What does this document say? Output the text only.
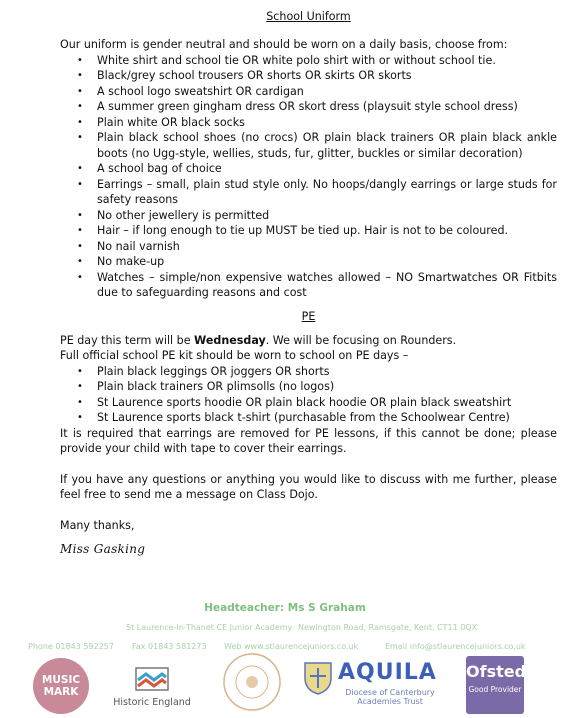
School Uniform
Our uniform is gender neutral and should be worn on a daily basis, choose from:
• White shirt and school tie OR white polo shirt with or without school tie.
• Black/grey school trousers OR shorts OR skirts OR skorts
• A school logo sweatshirt OR cardigan
• A summer green gingham dress OR skort dress (playsuit style school dress)
• Plain white OR black socks
• Plain black school shoes (no crocs) OR plain black trainers OR plain black ankle boots (no Ugg-style, wellies, studs, fur, glitter, buckles or similar decoration)
• A school bag of choice
• Earrings – small, plain stud style only. No hoops/dangly earrings or large studs for safety reasons
• No other jewellery is permitted
• Hair – if long enough to tie up MUST be tied up. Hair is not to be coloured.
• No nail varnish
• No make-up
• Watches – simple/non expensive watches allowed – NO Smartwatches OR Fitbits due to safeguarding reasons and cost
PE
PE day this term will be Wednesday. We will be focusing on Rounders.
Full official school PE kit should be worn to school on PE days –
• Plain black leggings OR joggers OR shorts
• Plain black trainers OR plimsolls (no logos)
• St Laurence sports hoodie OR plain black hoodie OR plain black sweatshirt
• St Laurence sports black t-shirt (purchasable from the Schoolwear Centre)
It is required that earrings are removed for PE lessons, if this cannot be done; please provide your child with tape to cover their earrings.
If you have any questions or anything you would like to discuss with me further, please feel free to send me a message on Class Dojo.
Many thanks,
Miss Gasking
Headteacher: Ms S Graham
St Laurence-in-Thanet CE Junior Academy Newington Road, Ramsgate, Kent, CT11 0QX
Phone 01843 592257 Fax 01843 581273 Web www.stlaurencejuniors.co.uk	Email info@stlaurencejuniors.co.uk
MUSIC MARK
Historic England
AQUILA
Diocese of Canterbury Academies Trust
Ofsted
Good Provider
